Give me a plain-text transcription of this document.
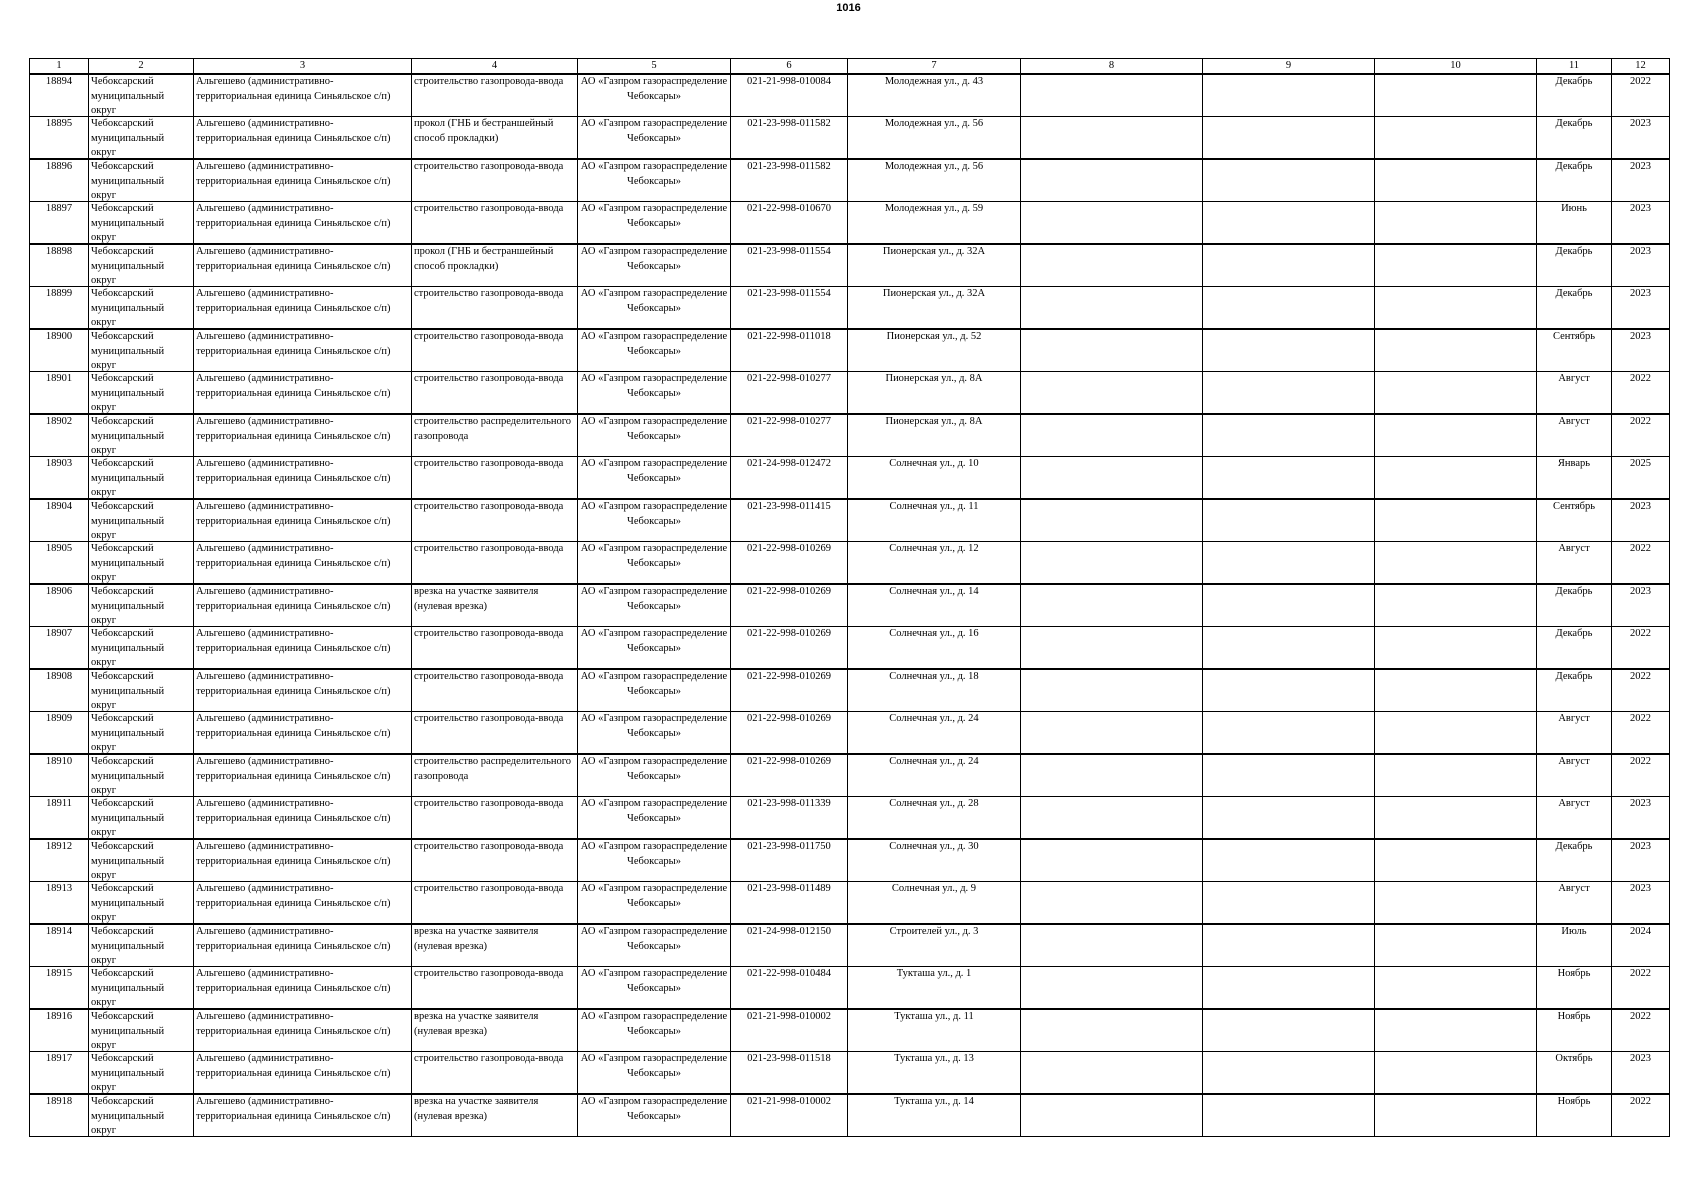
1016
1	2	3	4	5	6	7	8	9	10	11	12

18894	Чебоксарский муниципальный округ	Альгешево (административно-территориальная единица Синьяльское с/п)	строительство газопровода-ввода	АО «Газпром газораспределение Чебоксары»	021-21-998-010084	Молодежная ул., д. 43				Декабрь	2022

18895	Чебоксарский муниципальный округ	Альгешево (административно-территориальная единица Синьяльское с/п)	прокол (ГНБ и бестраншейный способ прокладки)	АО «Газпром газораспределение Чебоксары»	021-23-998-011582	Молодежная ул., д. 56				Декабрь	2023

18896	Чебоксарский муниципальный округ	Альгешево (административно-территориальная единица Синьяльское с/п)	строительство газопровода-ввода	АО «Газпром газораспределение Чебоксары»	021-23-998-011582	Молодежная ул., д. 56				Декабрь	2023

18897	Чебоксарский муниципальный округ	Альгешево (административно-территориальная единица Синьяльское с/п)	строительство газопровода-ввода	АО «Газпром газораспределение Чебоксары»	021-22-998-010670	Молодежная ул., д. 59				Июнь	2023

18898	Чебоксарский муниципальный округ	Альгешево (административно-территориальная единица Синьяльское с/п)	прокол (ГНБ и бестраншейный способ прокладки)	АО «Газпром газораспределение Чебоксары»	021-23-998-011554	Пионерская ул., д. 32А				Декабрь	2023

18899	Чебоксарский муниципальный округ	Альгешево (административно-территориальная единица Синьяльское с/п)	строительство газопровода-ввода	АО «Газпром газораспределение Чебоксары»	021-23-998-011554	Пионерская ул., д. 32А				Декабрь	2023

18900	Чебоксарский муниципальный округ	Альгешево (административно-территориальная единица Синьяльское с/п)	строительство газопровода-ввода	АО «Газпром газораспределение Чебоксары»	021-22-998-011018	Пионерская ул., д. 52				Сентябрь	2023

18901	Чебоксарский муниципальный округ	Альгешево (административно-территориальная единица Синьяльское с/п)	строительство газопровода-ввода	АО «Газпром газораспределение Чебоксары»	021-22-998-010277	Пионерская ул., д. 8А				Август	2022

18902	Чебоксарский муниципальный округ	Альгешево (административно-территориальная единица Синьяльское с/п)	строительство распределительного газопровода	АО «Газпром газораспределение Чебоксары»	021-22-998-010277	Пионерская ул., д. 8А				Август	2022

18903	Чебоксарский муниципальный округ	Альгешево (административно-территориальная единица Синьяльское с/п)	строительство газопровода-ввода	АО «Газпром газораспределение Чебоксары»	021-24-998-012472	Солнечная ул., д. 10				Январь	2025

18904	Чебоксарский муниципальный округ	Альгешево (административно-территориальная единица Синьяльское с/п)	строительство газопровода-ввода	АО «Газпром газораспределение Чебоксары»	021-23-998-011415	Солнечная ул., д. 11				Сентябрь	2023

18905	Чебоксарский муниципальный округ	Альгешево (административно-территориальная единица Синьяльское с/п)	строительство газопровода-ввода	АО «Газпром газораспределение Чебоксары»	021-22-998-010269	Солнечная ул., д. 12				Август	2022

18906	Чебоксарский муниципальный округ	Альгешево (административно-территориальная единица Синьяльское с/п)	врезка на участке заявителя (нулевая врезка)	АО «Газпром газораспределение Чебоксары»	021-22-998-010269	Солнечная ул., д. 14				Декабрь	2023

18907	Чебоксарский муниципальный округ	Альгешево (административно-территориальная единица Синьяльское с/п)	строительство газопровода-ввода	АО «Газпром газораспределение Чебоксары»	021-22-998-010269	Солнечная ул., д. 16				Декабрь	2022

18908	Чебоксарский муниципальный округ	Альгешево (административно-территориальная единица Синьяльское с/п)	строительство газопровода-ввода	АО «Газпром газораспределение Чебоксары»	021-22-998-010269	Солнечная ул., д. 18				Декабрь	2022

18909	Чебоксарский муниципальный округ	Альгешево (административно-территориальная единица Синьяльское с/п)	строительство газопровода-ввода	АО «Газпром газораспределение Чебоксары»	021-22-998-010269	Солнечная ул., д. 24				Август	2022

18910	Чебоксарский муниципальный округ	Альгешево (административно-территориальная единица Синьяльское с/п)	строительство распределительного газопровода	АО «Газпром газораспределение Чебоксары»	021-22-998-010269	Солнечная ул., д. 24				Август	2022

18911	Чебоксарский муниципальный округ	Альгешево (административно-территориальная единица Синьяльское с/п)	строительство газопровода-ввода	АО «Газпром газораспределение Чебоксары»	021-23-998-011339	Солнечная ул., д. 28				Август	2023

18912	Чебоксарский муниципальный округ	Альгешево (административно-территориальная единица Синьяльское с/п)	строительство газопровода-ввода	АО «Газпром газораспределение Чебоксары»	021-23-998-011750	Солнечная ул., д. 30				Декабрь	2023

18913	Чебоксарский муниципальный округ	Альгешево (административно-территориальная единица Синьяльское с/п)	строительство газопровода-ввода	АО «Газпром газораспределение Чебоксары»	021-23-998-011489	Солнечная ул., д. 9				Август	2023

18914	Чебоксарский муниципальный округ	Альгешево (административно-территориальная единица Синьяльское с/п)	врезка на участке заявителя (нулевая врезка)	АО «Газпром газораспределение Чебоксары»	021-24-998-012150	Строителей ул., д. 3				Июль	2024

18915	Чебоксарский муниципальный округ	Альгешево (административно-территориальная единица Синьяльское с/п)	строительство газопровода-ввода	АО «Газпром газораспределение Чебоксары»	021-22-998-010484	Тукташа ул., д. 1				Ноябрь	2022

18916	Чебоксарский муниципальный округ	Альгешево (административно-территориальная единица Синьяльское с/п)	врезка на участке заявителя (нулевая врезка)	АО «Газпром газораспределение Чебоксары»	021-21-998-010002	Тукташа ул., д. 11				Ноябрь	2022

18917	Чебоксарский муниципальный округ	Альгешево (административно-территориальная единица Синьяльское с/п)	строительство газопровода-ввода	АО «Газпром газораспределение Чебоксары»	021-23-998-011518	Тукташа ул., д. 13				Октябрь	2023

18918	Чебоксарский муниципальный округ	Альгешево (административно-территориальная единица Синьяльское с/п)	врезка на участке заявителя (нулевая врезка)	АО «Газпром газораспределение Чебоксары»	021-21-998-010002	Тукташа ул., д. 14				Ноябрь	2022
